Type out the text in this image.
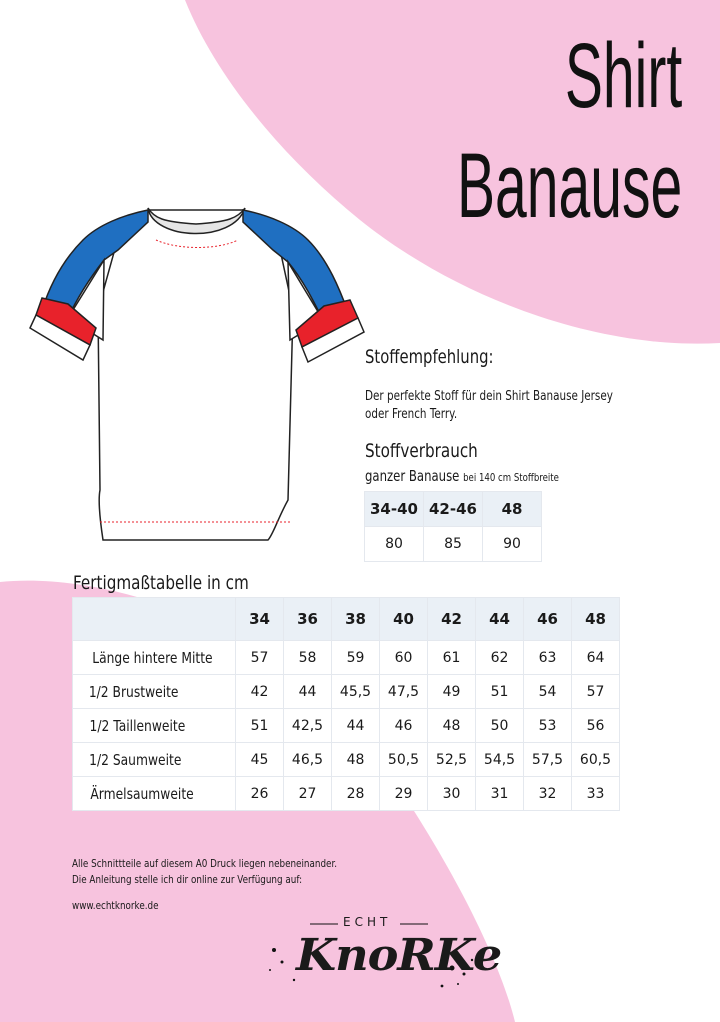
Shirt
Banause
Stoffempfehlung:
Der perfekte Stoff für dein Shirt Banause Jersey
oder French Terry.
Stoffverbrauch
ganzer Banause bei 140 cm Stoffbreite
34-40	42-46	48
80	85	90
Fertigmaßtabelle in cm
	34	36	38	40	42	44	46	48
Länge hintere Mitte	57	58	59	60	61	62	63	64
1/2 Brustweite	42	44	45,5	47,5	49	51	54	57
1/2 Taillenweite	51	42,5	44	46	48	50	53	56
1/2 Saumweite	45	46,5	48	50,5	52,5	54,5	57,5	60,5
Ärmelsaumweite	26	27	28	29	30	31	32	33
Alle Schnittteile auf diesem A0 Druck liegen nebeneinander.
Die Anleitung stelle ich dir online zur Verfügung auf:
www.echtknorke.de
ECHT
KnoRKe
